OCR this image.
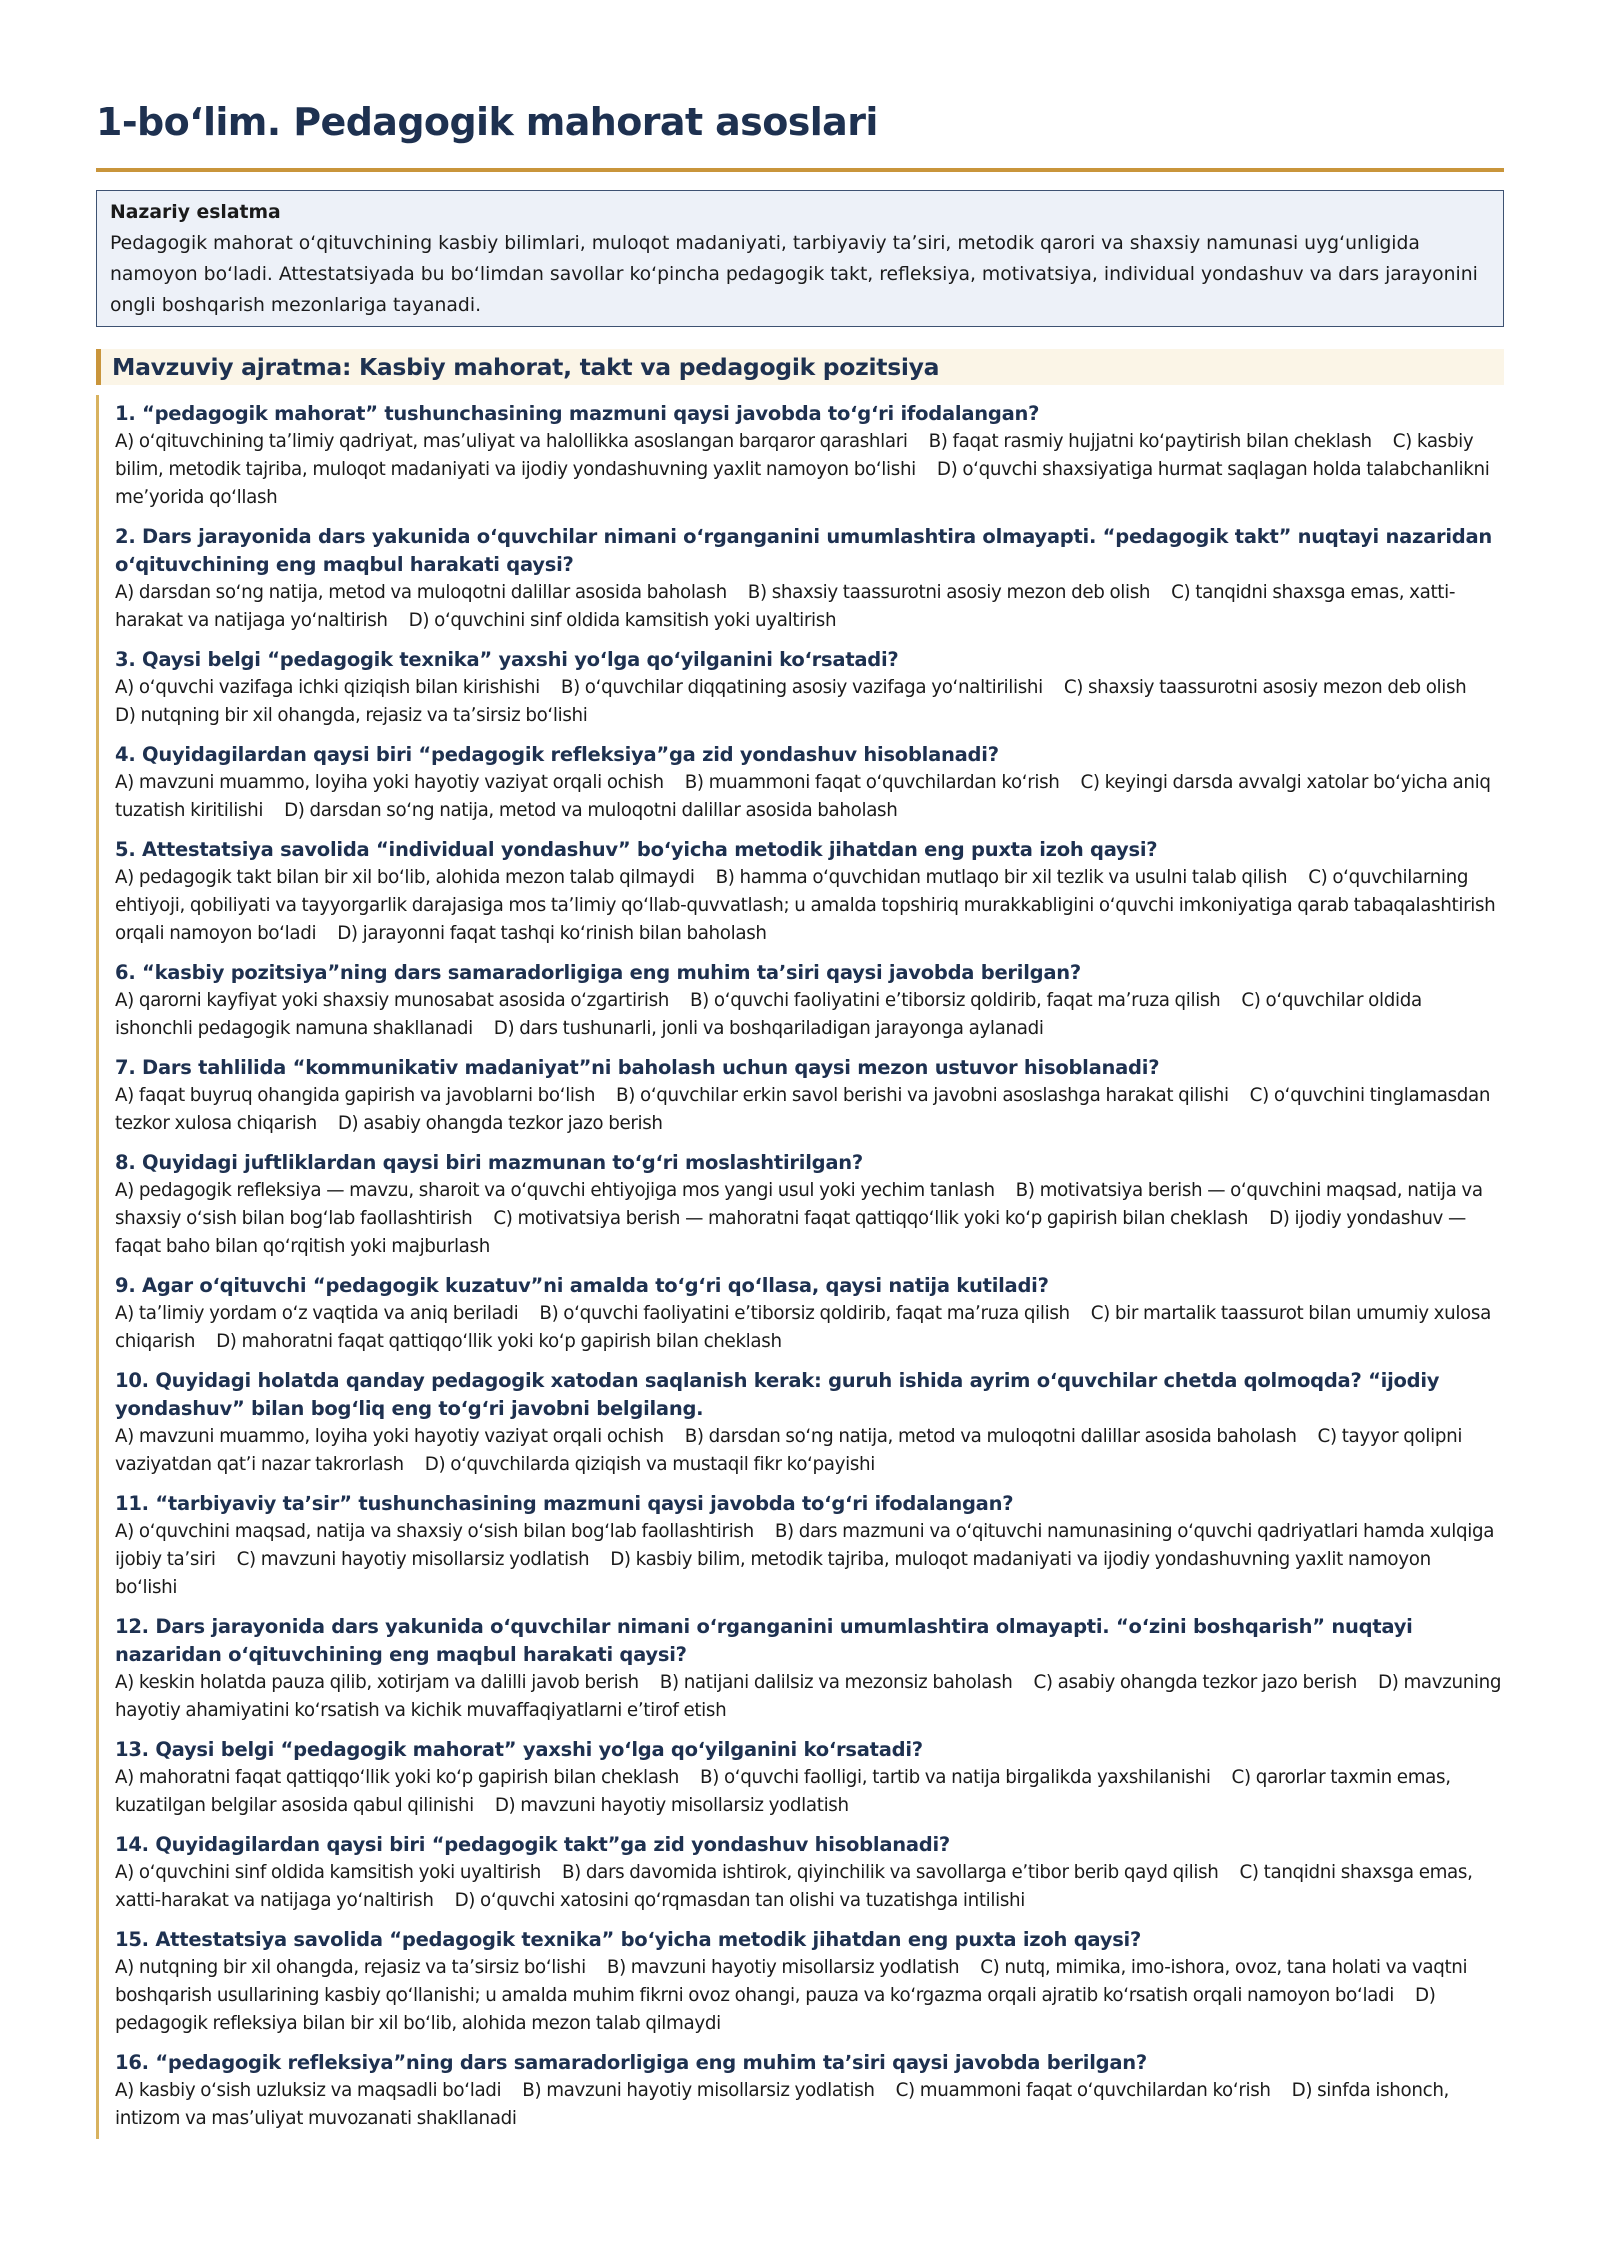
1-boʻlim. Pedagogik mahorat asoslari
Nazariy eslatma
Pedagogik mahorat oʻqituvchining kasbiy bilimlari, muloqot madaniyati, tarbiyaviy taʼsiri, metodik qarori va shaxsiy namunasi uygʻunligida namoyon boʻladi. Attestatsiyada bu boʻlimdan savollar koʻpincha pedagogik takt, refleksiya, motivatsiya, individual yondashuv va dars jarayonini ongli boshqarish mezonlariga tayanadi.
Mavzuviy ajratma: Kasbiy mahorat, takt va pedagogik pozitsiya
1. “pedagogik mahorat” tushunchasining mazmuni qaysi javobda toʻgʻri ifodalangan?
A) oʻqituvchining taʼlimiy qadriyat, masʼuliyat va halollikka asoslangan barqaror qarashlari B) faqat rasmiy hujjatni koʻpaytirish bilan cheklash C) kasbiy bilim, metodik tajriba, muloqot madaniyati va ijodiy yondashuvning yaxlit namoyon boʻlishi D) oʻquvchi shaxsiyatiga hurmat saqlagan holda talabchanlikni meʼyorida qoʻllash
2. Dars jarayonida dars yakunida oʻquvchilar nimani oʻrganganini umumlashtira olmayapti. “pedagogik takt” nuqtayi nazaridan oʻqituvchining eng maqbul harakati qaysi?
A) darsdan soʻng natija, metod va muloqotni dalillar asosida baholash B) shaxsiy taassurotni asosiy mezon deb olish C) tanqidni shaxsga emas, xatti-harakat va natijaga yoʻnaltirish D) oʻquvchini sinf oldida kamsitish yoki uyaltirish
3. Qaysi belgi “pedagogik texnika” yaxshi yoʻlga qoʻyilganini koʻrsatadi?
A) oʻquvchi vazifaga ichki qiziqish bilan kirishishi B) oʻquvchilar diqqatining asosiy vazifaga yoʻnaltirilishi C) shaxsiy taassurotni asosiy mezon deb olish D) nutqning bir xil ohangda, rejasiz va taʼsirsiz boʻlishi
4. Quyidagilardan qaysi biri “pedagogik refleksiya”ga zid yondashuv hisoblanadi?
A) mavzuni muammo, loyiha yoki hayotiy vaziyat orqali ochish B) muammoni faqat oʻquvchilardan koʻrish C) keyingi darsda avvalgi xatolar boʻyicha aniq tuzatish kiritilishi D) darsdan soʻng natija, metod va muloqotni dalillar asosida baholash
5. Attestatsiya savolida “individual yondashuv” boʻyicha metodik jihatdan eng puxta izoh qaysi?
A) pedagogik takt bilan bir xil boʻlib, alohida mezon talab qilmaydi B) hamma oʻquvchidan mutlaqo bir xil tezlik va usulni talab qilish C) oʻquvchilarning ehtiyoji, qobiliyati va tayyorgarlik darajasiga mos taʼlimiy qoʻllab-quvvatlash; u amalda topshiriq murakkabligini oʻquvchi imkoniyatiga qarab tabaqalashtirish orqali namoyon boʻladi D) jarayonni faqat tashqi koʻrinish bilan baholash
6. “kasbiy pozitsiya”ning dars samaradorligiga eng muhim taʼsiri qaysi javobda berilgan?
A) qarorni kayfiyat yoki shaxsiy munosabat asosida oʻzgartirish B) oʻquvchi faoliyatini eʼtiborsiz qoldirib, faqat maʼruza qilish C) oʻquvchilar oldida ishonchli pedagogik namuna shakllanadi D) dars tushunarli, jonli va boshqariladigan jarayonga aylanadi
7. Dars tahlilida “kommunikativ madaniyat”ni baholash uchun qaysi mezon ustuvor hisoblanadi?
A) faqat buyruq ohangida gapirish va javoblarni boʻlish B) oʻquvchilar erkin savol berishi va javobni asoslashga harakat qilishi C) oʻquvchini tinglamasdan tezkor xulosa chiqarish D) asabiy ohangda tezkor jazo berish
8. Quyidagi juftliklardan qaysi biri mazmunan toʻgʻri moslashtirilgan?
A) pedagogik refleksiya — mavzu, sharoit va oʻquvchi ehtiyojiga mos yangi usul yoki yechim tanlash B) motivatsiya berish — oʻquvchini maqsad, natija va shaxsiy oʻsish bilan bogʻlab faollashtirish C) motivatsiya berish — mahoratni faqat qattiqqoʻllik yoki koʻp gapirish bilan cheklash D) ijodiy yondashuv — faqat baho bilan qoʻrqitish yoki majburlash
9. Agar oʻqituvchi “pedagogik kuzatuv”ni amalda toʻgʻri qoʻllasa, qaysi natija kutiladi?
A) taʼlimiy yordam oʻz vaqtida va aniq beriladi B) oʻquvchi faoliyatini eʼtiborsiz qoldirib, faqat maʼruza qilish C) bir martalik taassurot bilan umumiy xulosa chiqarish D) mahoratni faqat qattiqqoʻllik yoki koʻp gapirish bilan cheklash
10. Quyidagi holatda qanday pedagogik xatodan saqlanish kerak: guruh ishida ayrim oʻquvchilar chetda qolmoqda? “ijodiy yondashuv” bilan bogʻliq eng toʻgʻri javobni belgilang.
A) mavzuni muammo, loyiha yoki hayotiy vaziyat orqali ochish B) darsdan soʻng natija, metod va muloqotni dalillar asosida baholash C) tayyor qolipni vaziyatdan qatʼi nazar takrorlash D) oʻquvchilarda qiziqish va mustaqil fikr koʻpayishi
11. “tarbiyaviy taʼsir” tushunchasining mazmuni qaysi javobda toʻgʻri ifodalangan?
A) oʻquvchini maqsad, natija va shaxsiy oʻsish bilan bogʻlab faollashtirish B) dars mazmuni va oʻqituvchi namunasining oʻquvchi qadriyatlari hamda xulqiga ijobiy taʼsiri C) mavzuni hayotiy misollarsiz yodlatish D) kasbiy bilim, metodik tajriba, muloqot madaniyati va ijodiy yondashuvning yaxlit namoyon boʻlishi
12. Dars jarayonida dars yakunida oʻquvchilar nimani oʻrganganini umumlashtira olmayapti. “oʻzini boshqarish” nuqtayi nazaridan oʻqituvchining eng maqbul harakati qaysi?
A) keskin holatda pauza qilib, xotirjam va dalilli javob berish B) natijani dalilsiz va mezonsiz baholash C) asabiy ohangda tezkor jazo berish D) mavzuning hayotiy ahamiyatini koʻrsatish va kichik muvaffaqiyatlarni eʼtirof etish
13. Qaysi belgi “pedagogik mahorat” yaxshi yoʻlga qoʻyilganini koʻrsatadi?
A) mahoratni faqat qattiqqoʻllik yoki koʻp gapirish bilan cheklash B) oʻquvchi faolligi, tartib va natija birgalikda yaxshilanishi C) qarorlar taxmin emas, kuzatilgan belgilar asosida qabul qilinishi D) mavzuni hayotiy misollarsiz yodlatish
14. Quyidagilardan qaysi biri “pedagogik takt”ga zid yondashuv hisoblanadi?
A) oʻquvchini sinf oldida kamsitish yoki uyaltirish B) dars davomida ishtirok, qiyinchilik va savollarga eʼtibor berib qayd qilish C) tanqidni shaxsga emas, xatti-harakat va natijaga yoʻnaltirish D) oʻquvchi xatosini qoʻrqmasdan tan olishi va tuzatishga intilishi
15. Attestatsiya savolida “pedagogik texnika” boʻyicha metodik jihatdan eng puxta izoh qaysi?
A) nutqning bir xil ohangda, rejasiz va taʼsirsiz boʻlishi B) mavzuni hayotiy misollarsiz yodlatish C) nutq, mimika, imo-ishora, ovoz, tana holati va vaqtni boshqarish usullarining kasbiy qoʻllanishi; u amalda muhim fikrni ovoz ohangi, pauza va koʻrgazma orqali ajratib koʻrsatish orqali namoyon boʻladi D) pedagogik refleksiya bilan bir xil boʻlib, alohida mezon talab qilmaydi
16. “pedagogik refleksiya”ning dars samaradorligiga eng muhim taʼsiri qaysi javobda berilgan?
A) kasbiy oʻsish uzluksiz va maqsadli boʻladi B) mavzuni hayotiy misollarsiz yodlatish C) muammoni faqat oʻquvchilardan koʻrish D) sinfda ishonch, intizom va masʼuliyat muvozanati shakllanadi
